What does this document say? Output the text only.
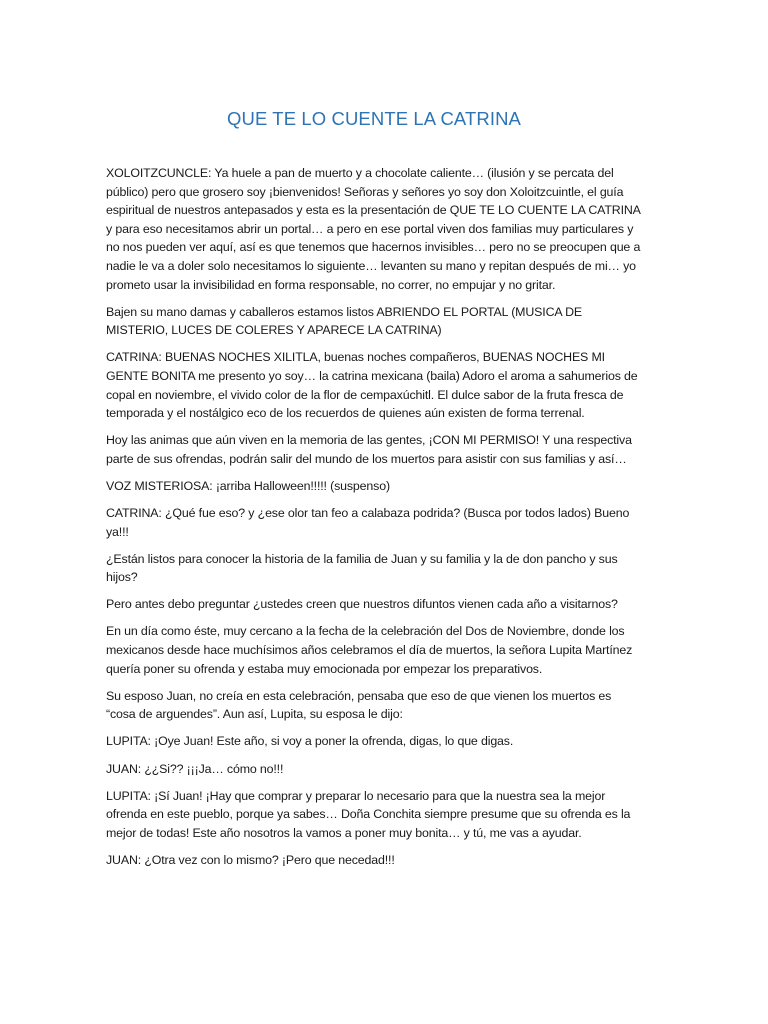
QUE TE LO CUENTE LA CATRINA

XOLOITZCUNCLE: Ya huele a pan de muerto y a chocolate caliente… (ilusión y se percata del público) pero que grosero soy ¡bienvenidos! Señoras y señores yo soy don Xoloitzcuintle, el guía espiritual de nuestros antepasados y esta es la presentación de QUE TE LO CUENTE LA CATRINA y para eso necesitamos abrir un portal… a pero en ese portal viven dos familias muy particulares y no nos pueden ver aquí, así es que tenemos que hacernos invisibles… pero no se preocupen que a nadie le va a doler solo necesitamos lo siguiente… levanten su mano y repitan después de mi… yo prometo usar la invisibilidad en forma responsable, no correr, no empujar y no gritar.

Bajen su mano damas y caballeros estamos listos ABRIENDO EL PORTAL (MUSICA DE MISTERIO, LUCES DE COLERES Y APARECE LA CATRINA)

CATRINA: BUENAS NOCHES XILITLA, buenas noches compañeros, BUENAS NOCHES MI GENTE BONITA me presento yo soy… la catrina mexicana (baila) Adoro el aroma a sahumerios de copal en noviembre, el vivido color de la flor de cempaxúchitl. El dulce sabor de la fruta fresca de temporada y el nostálgico eco de los recuerdos de quienes aún existen de forma terrenal.

Hoy las animas que aún viven en la memoria de las gentes, ¡CON MI PERMISO! Y una respectiva parte de sus ofrendas, podrán salir del mundo de los muertos para asistir con sus familias y así…

VOZ MISTERIOSA: ¡arriba Halloween!!!!! (suspenso)

CATRINA: ¿Qué fue eso? y ¿ese olor tan feo a calabaza podrida? (Busca por todos lados) Bueno ya!!!

¿Están listos para conocer la historia de la familia de Juan y su familia y la de don pancho y sus hijos?

Pero antes debo preguntar ¿ustedes creen que nuestros difuntos vienen cada año a visitarnos?

En un día como éste, muy cercano a la fecha de la celebración del Dos de Noviembre, donde los mexicanos desde hace muchísimos años celebramos el día de muertos, la señora Lupita Martínez quería poner su ofrenda y estaba muy emocionada por empezar los preparativos.

Su esposo Juan, no creía en esta celebración, pensaba que eso de que vienen los muertos es “cosa de arguendes”. Aun así, Lupita, su esposa le dijo:

LUPITA: ¡Oye Juan! Este año, si voy a poner la ofrenda, digas, lo que digas.

JUAN: ¿¿Si?? ¡¡¡Ja… cómo no!!!

LUPITA: ¡Sí Juan! ¡Hay que comprar y preparar lo necesario para que la nuestra sea la mejor ofrenda en este pueblo, porque ya sabes… Doña Conchita siempre presume que su ofrenda es la mejor de todas! Este año nosotros la vamos a poner muy bonita… y tú, me vas a ayudar.

JUAN: ¿Otra vez con lo mismo? ¡Pero que necedad!!!
